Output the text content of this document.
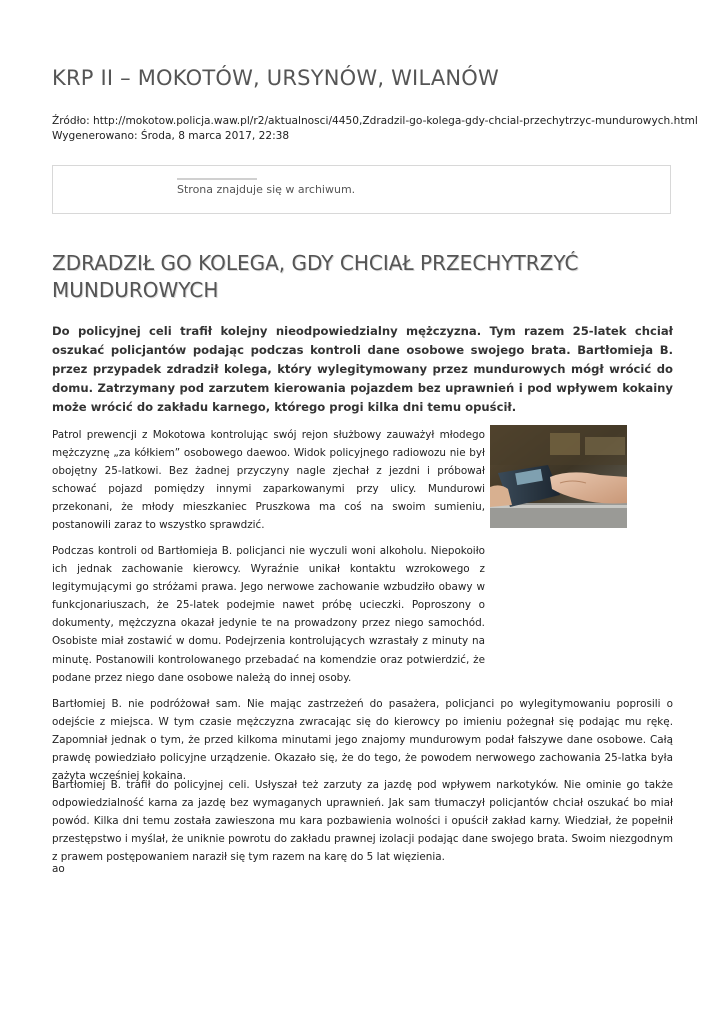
KRP II – MOKOTÓW, URSYNÓW, WILANÓW
Źródło: http://mokotow.policja.waw.pl/r2/aktualnosci/4450,Zdradzil-go-kolega-gdy-chcial-przechytrzyc-mundurowych.html
Wygenerowano: Środa, 8 marca 2017, 22:38
Strona znajduje się w archiwum.
ZDRADZIŁ GO KOLEGA, GDY CHCIAŁ PRZECHYTRZYĆ MUNDUROWYCH

Do policyjnej celi trafił kolejny nieodpowiedzialny mężczyzna. Tym razem 25-latek chciał oszukać policjantów podając podczas kontroli dane osobowe swojego brata. Bartłomieja B. przez przypadek zdradził kolega, który wylegitymowany przez mundurowych mógł wrócić do domu. Zatrzymany pod zarzutem kierowania pojazdem bez uprawnień i pod wpływem kokainy może wrócić do zakładu karnego, którego progi kilka dni temu opuścił.

Patrol prewencji z Mokotowa kontrolując swój rejon służbowy zauważył młodego mężczyznę „za kółkiem” osobowego daewoo. Widok policyjnego radiowozu nie był obojętny 25-latkowi. Bez żadnej przyczyny nagle zjechał z jezdni i próbował schować pojazd pomiędzy innymi zaparkowanymi przy ulicy. Mundurowi przekonani, że młody mieszkaniec Pruszkowa ma coś na swoim sumieniu, postanowili zaraz to wszystko sprawdzić.

Podczas kontroli od Bartłomieja B. policjanci nie wyczuli woni alkoholu. Niepokoiło ich jednak zachowanie kierowcy. Wyraźnie unikał kontaktu wzrokowego z legitymującymi go stróżami prawa. Jego nerwowe zachowanie wzbudziło obawy w funkcjonariuszach, że 25-latek podejmie nawet próbę ucieczki. Poproszony o dokumenty, mężczyzna okazał jedynie te na prowadzony przez niego samochód. Osobiste miał zostawić w domu. Podejrzenia kontrolujących wzrastały z minuty na minutę. Postanowili kontrolowanego przebadać na komendzie oraz potwierdzić, że podane przez niego dane osobowe należą do innej osoby.

Bartłomiej B. nie podróżował sam. Nie mając zastrzeżeń do pasażera, policjanci po wylegitymowaniu poprosili o odejście z miejsca. W tym czasie mężczyzna zwracając się do kierowcy po imieniu pożegnał się podając mu rękę. Zapomniał jednak o tym, że przed kilkoma minutami jego znajomy mundurowym podał fałszywe dane osobowe. Całą prawdę powiedziało policyjne urządzenie. Okazało się, że do tego, że powodem nerwowego zachowania 25-latka była zażyta wcześniej kokaina.

Bartłomiej B. trafił do policyjnej celi. Usłyszał też zarzuty za jazdę pod wpływem narkotyków. Nie ominie go także odpowiedzialność karna za jazdę bez wymaganych uprawnień. Jak sam tłumaczył policjantów chciał oszukać bo miał powód. Kilka dni temu została zawieszona mu kara pozbawienia wolności i opuścił zakład karny. Wiedział, że popełnił przestępstwo i myślał, że uniknie powrotu do zakładu prawnej izolacji podając dane swojego brata. Swoim niezgodnym z prawem postępowaniem naraził się tym razem na karę do 5 lat więzienia.

ao
